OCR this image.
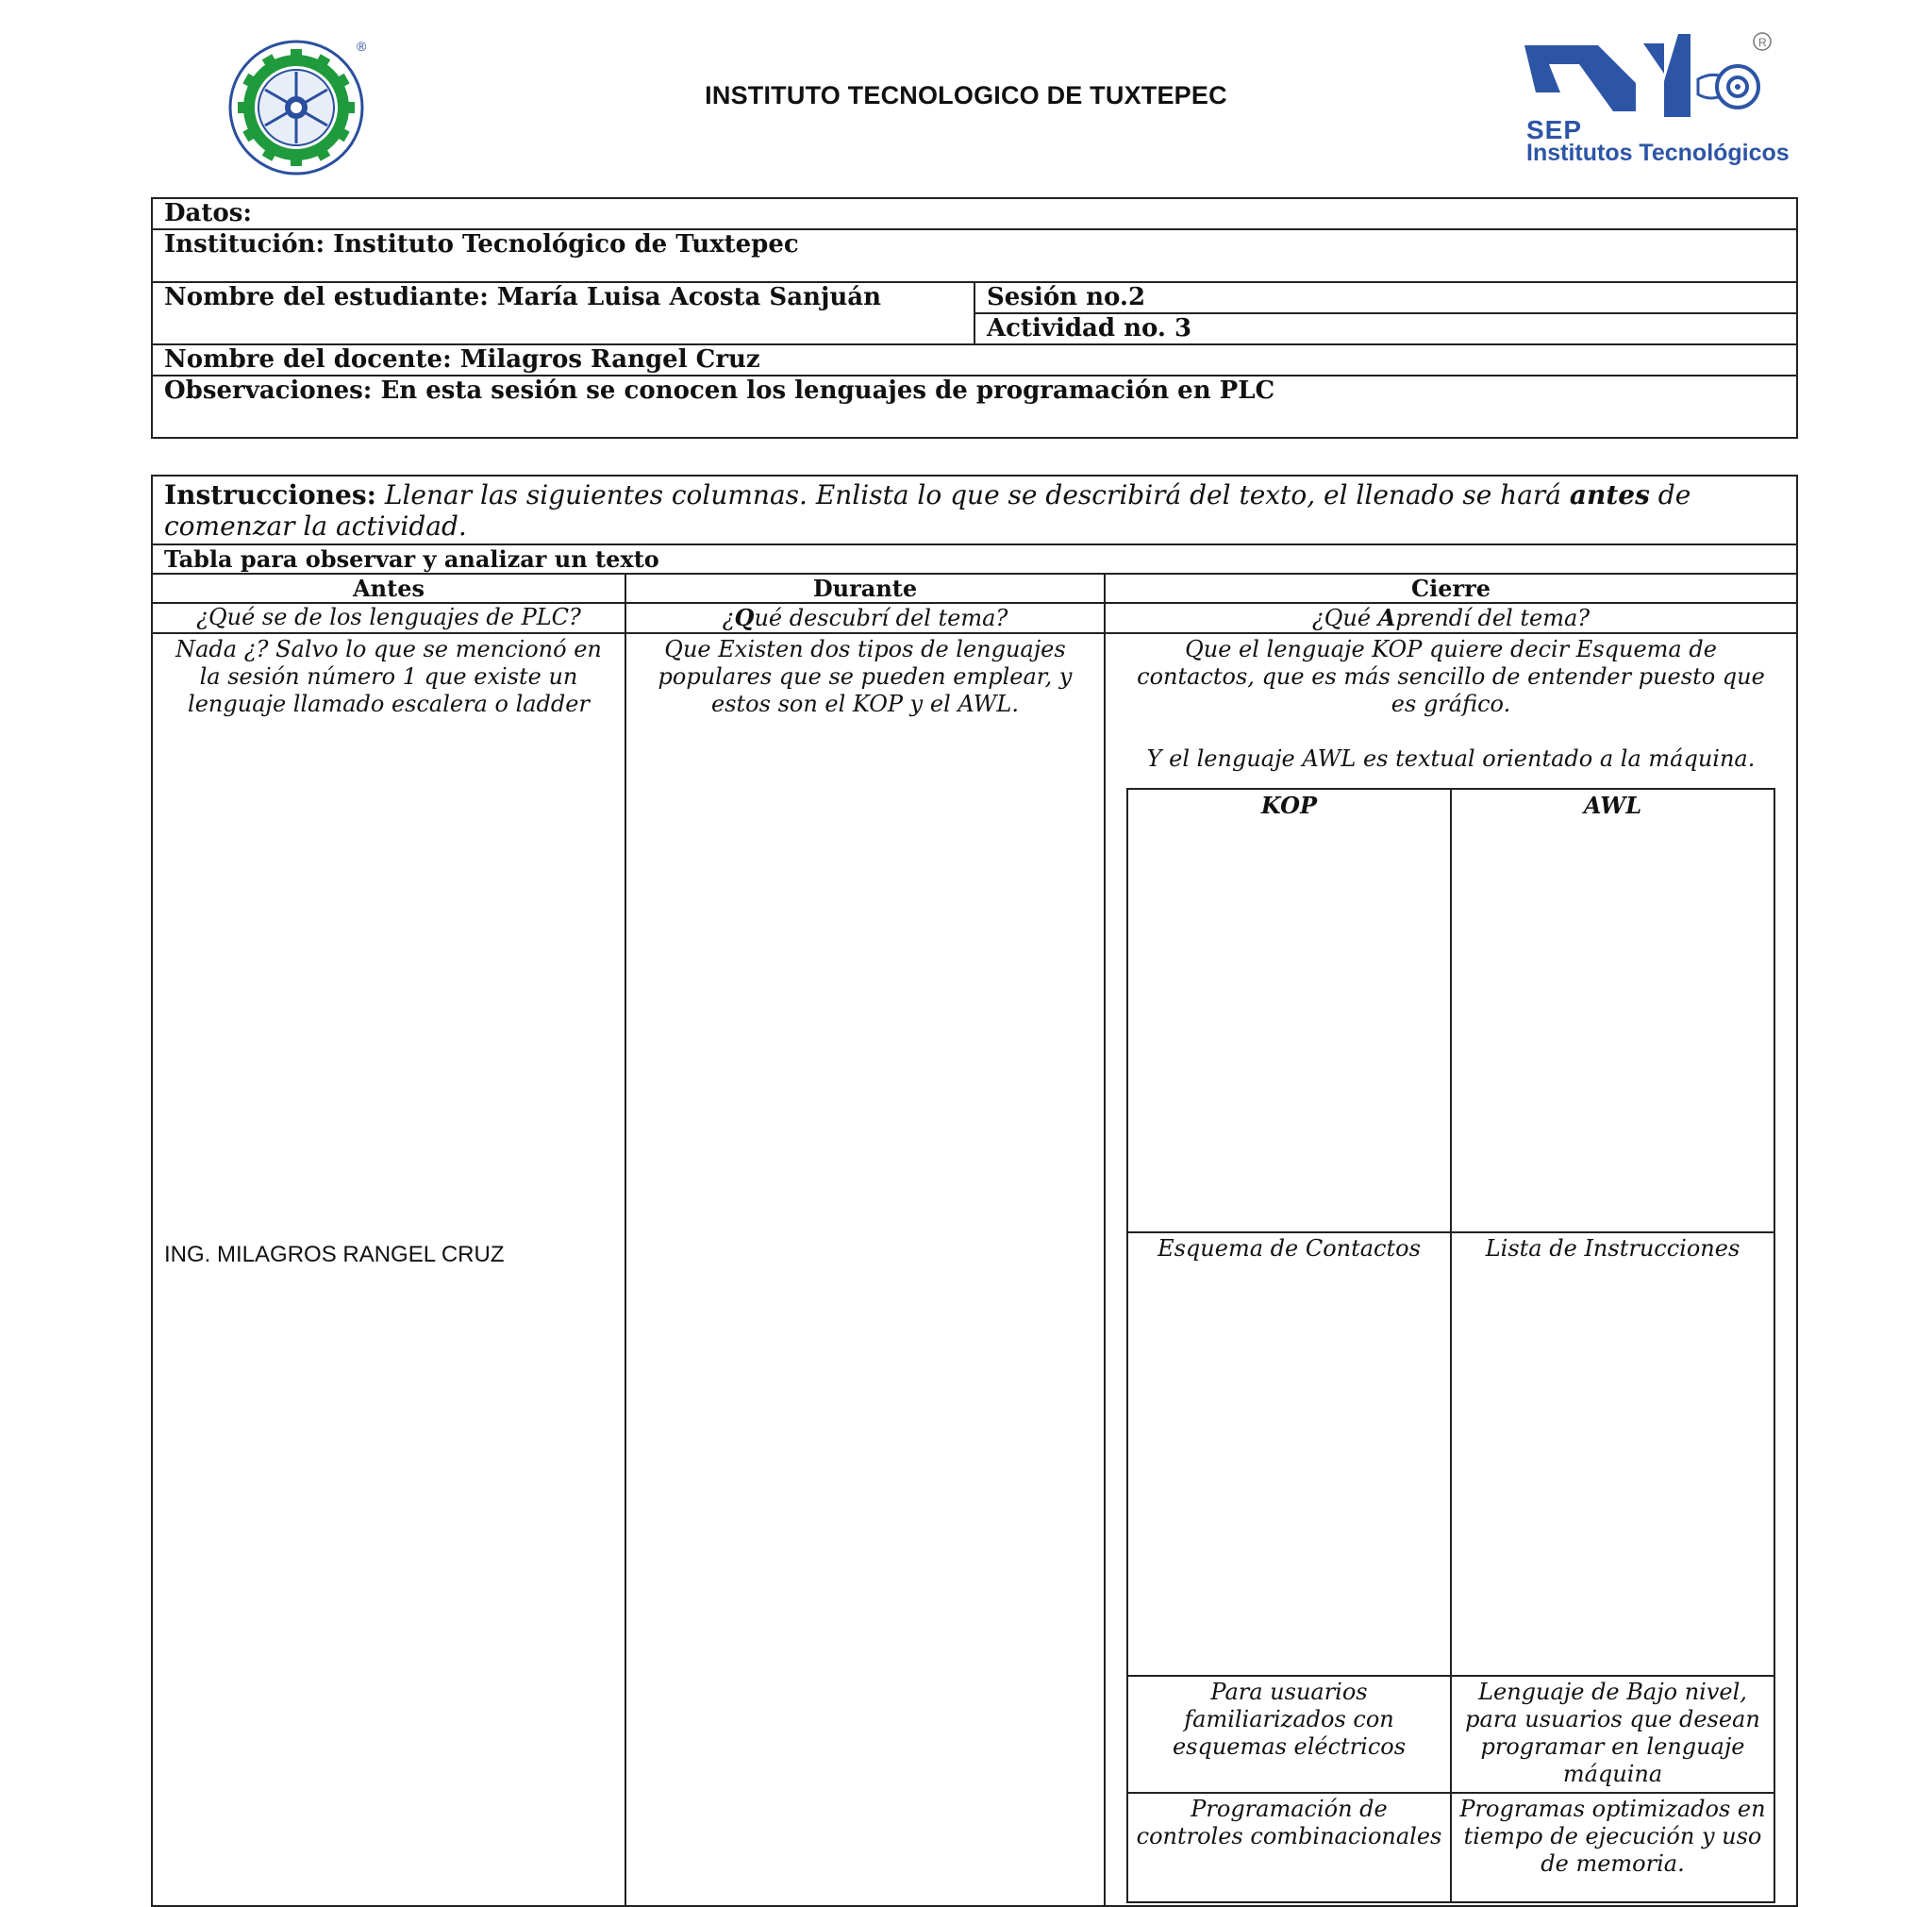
®
INSTITUTO TECNOLOGICO DE TUXTEPEC
R
SEP
Institutos Tecnológicos
Datos:
Institución: Instituto Tecnológico de Tuxtepec
Nombre del estudiante: María Luisa Acosta Sanjuán	Sesión no.2
Actividad no. 3
Nombre del docente: Milagros Rangel Cruz
Observaciones: En esta sesión se conocen los lenguajes de programación en PLC
Instrucciones: Llenar las siguientes columnas. Enlista lo que se describirá del texto, el llenado se hará antes de comenzar la actividad.
Tabla para observar y analizar un texto
Antes	Durante	Cierre
¿Qué se de los lenguajes de PLC?	¿Qué descubrí del tema?	¿Qué Aprendí del tema?
Nada ¿? Salvo lo que se mencionó en la sesión número 1 que existe un lenguaje llamado escalera o ladder	Que Existen dos tipos de lenguajes populares que se pueden emplear, y estos son el KOP y el AWL.	
Que el lenguaje KOP quiere decir Esquema de contactos, que es más sencillo de entender puesto que es gráfico.
Y el lenguaje AWL es textual orientado a la máquina.
KOP	AWL
Esquema de Contactos	Lista de Instrucciones
Para usuarios familiarizados con esquemas eléctricos	Lenguaje de Bajo nivel, para usuarios que desean programar en lenguaje máquina
Programación de controles combinacionales	Programas optimizados en tiempo de ejecución y uso de memoria.
ING. MILAGROS RANGEL CRUZ
